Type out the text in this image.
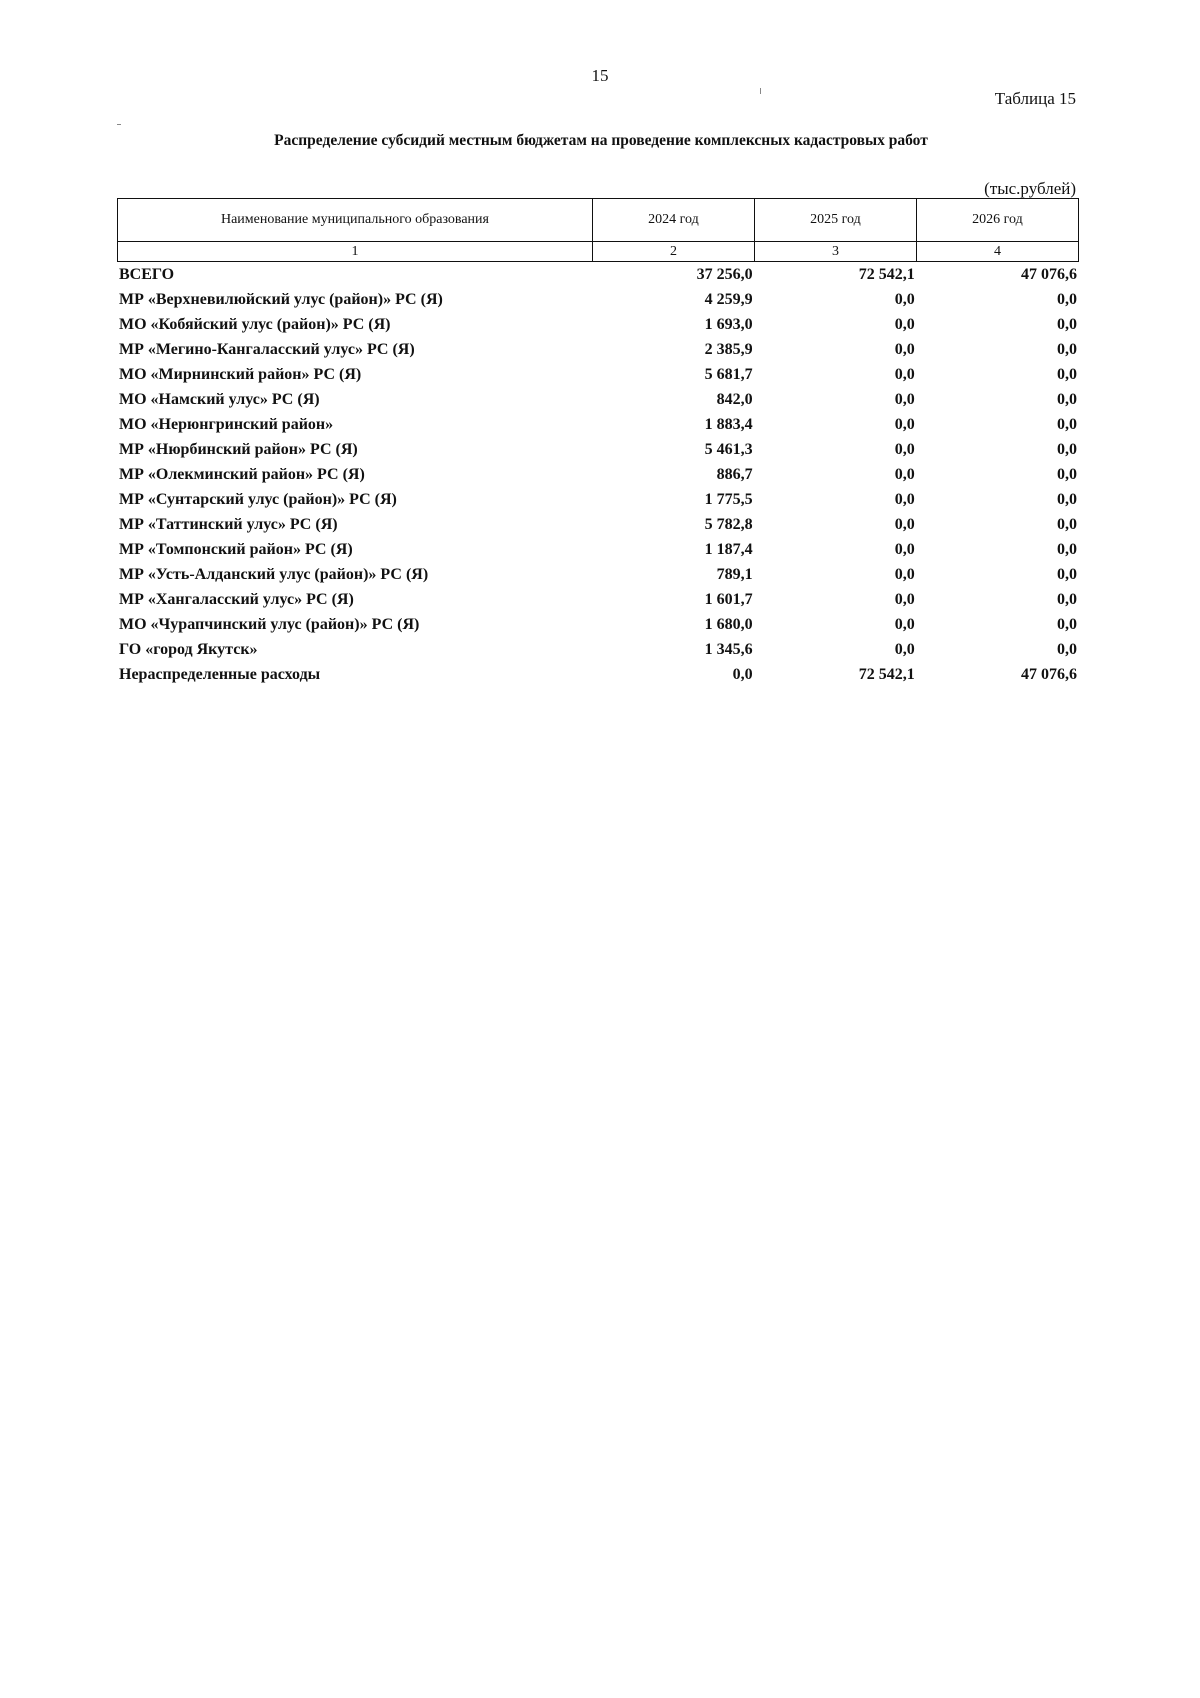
15
Таблица 15
Распределение субсидий местным бюджетам на проведение комплексных кадастровых работ
(тыс.рублей)
Наименование муниципального образования	2024 год	2025 год	2026 год
1	2	3	4
ВСЕГО	37 256,0	72 542,1	47 076,6
МР «Верхневилюйский улус (район)» РС (Я)	4 259,9	0,0	0,0
МО «Кобяйский улус (район)» РС (Я)	1 693,0	0,0	0,0
МР «Мегино-Кангаласский улус» РС (Я)	2 385,9	0,0	0,0
МО «Мирнинский район» РС (Я)	5 681,7	0,0	0,0
МО «Намский улус» РС (Я)	842,0	0,0	0,0
МО «Нерюнгринский район»	1 883,4	0,0	0,0
МР «Нюрбинский район» РС (Я)	5 461,3	0,0	0,0
МР «Олекминский район» РС (Я)	886,7	0,0	0,0
МР «Сунтарский улус (район)» РС (Я)	1 775,5	0,0	0,0
МР «Таттинский улус» РС (Я)	5 782,8	0,0	0,0
МР «Томпонский район» РС (Я)	1 187,4	0,0	0,0
МР «Усть-Алданский улус (район)» РС (Я)	789,1	0,0	0,0
МР «Хангаласский улус» РС (Я)	1 601,7	0,0	0,0
МО «Чурапчинский улус (район)» РС (Я)	1 680,0	0,0	0,0
ГО «город Якутск»	1 345,6	0,0	0,0
Нераспределенные расходы	0,0	72 542,1	47 076,6
